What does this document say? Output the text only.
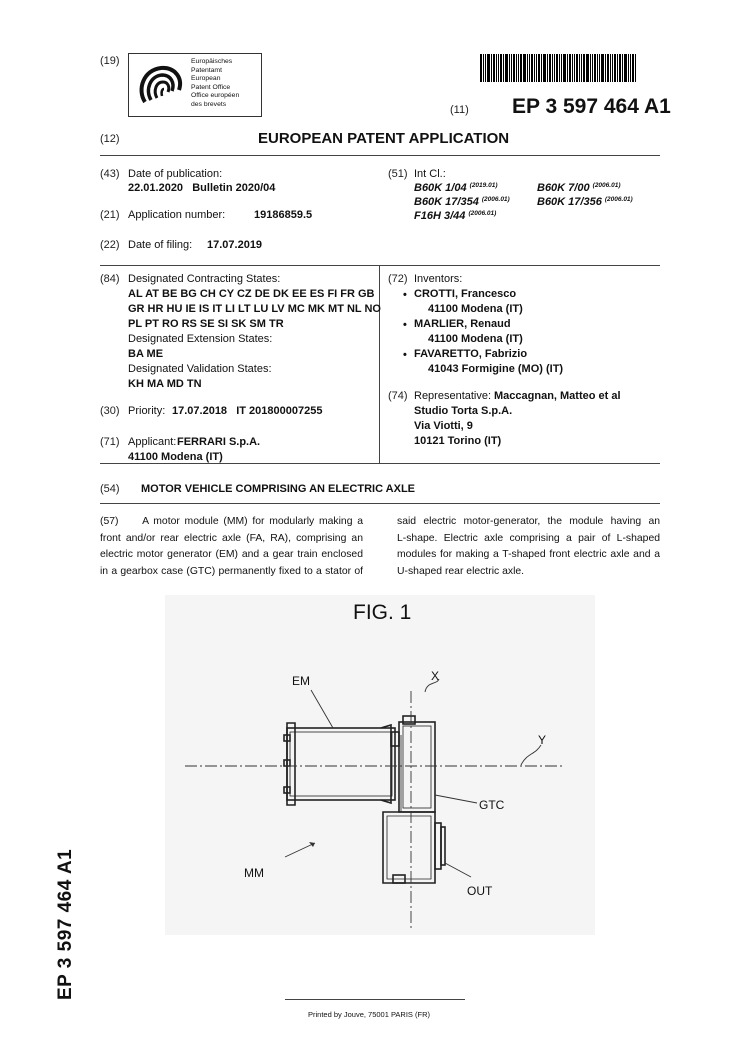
(19)	Europäisches
Patentamt
European
Patent Office
Office européen
des brevets	(11) EP 3 597 464 A1
(12)	EUROPEAN PATENT APPLICATION
(43) Date of publication:
22.01.2020   Bulletin 2020/04
(21) Application number:	19186859.5
(22) Date of filing: 17.07.2019
(51) Int Cl.:
B60K 1/04 $^{(2019.01)}$	B60K 7/00 $^{(2006.01)}$
B60K 17/354 $^{(2006.01)}$ B60K 17/356 $^{(2006.01)}$
F16H 3/44 $^{(2006.01)}$
(84) Designated Contracting States:
AL AT BE BG CH CY CZ DE DK EE ES FI FR GB
GR HR HU IE IS IT LI LT LU LV MC MK MT NL NO
PL PT RO RS SE SI SK SM TR
Designated Extension States:
BA ME
Designated Validation States:
KH MA MD TN
(30) Priority: 17.07.2018   IT 201800007255
(71) Applicant: FERRARI S.p.A.
41100 Modena (IT)
(72) Inventors:
• CROTTI, Francesco
41100 Modena (IT)
• MARLIER, Renaud
41100 Modena (IT)
• FAVARETTO, Fabrizio
41043 Formigine (MO) (IT)
(74) Representative: Maccagnan, Matteo et al
Studio Torta S.p.A.
Via Viotti, 9
10121 Torino (IT)
(54) MOTOR VEHICLE COMPRISING AN ELECTRIC AXLE
(57) A motor module (MM) for modularly making a
front and/or rear electric axle (FA, RA), comprising an
electric motor generator (EM) and a gear train enclosed
in a gearbox case (GTC) permanently fixed to a stator of
said electric motor-generator, the module having an
L-shape. Electric axle comprising a pair of L-shaped
modules for making a T-shaped front electric axle and a
U-shaped rear electric axle.
FIG. 1
EM	X
Y
GTC
MM
OUT
EP 3 597 464 A1
Printed by Jouve, 75001 PARIS (FR)
